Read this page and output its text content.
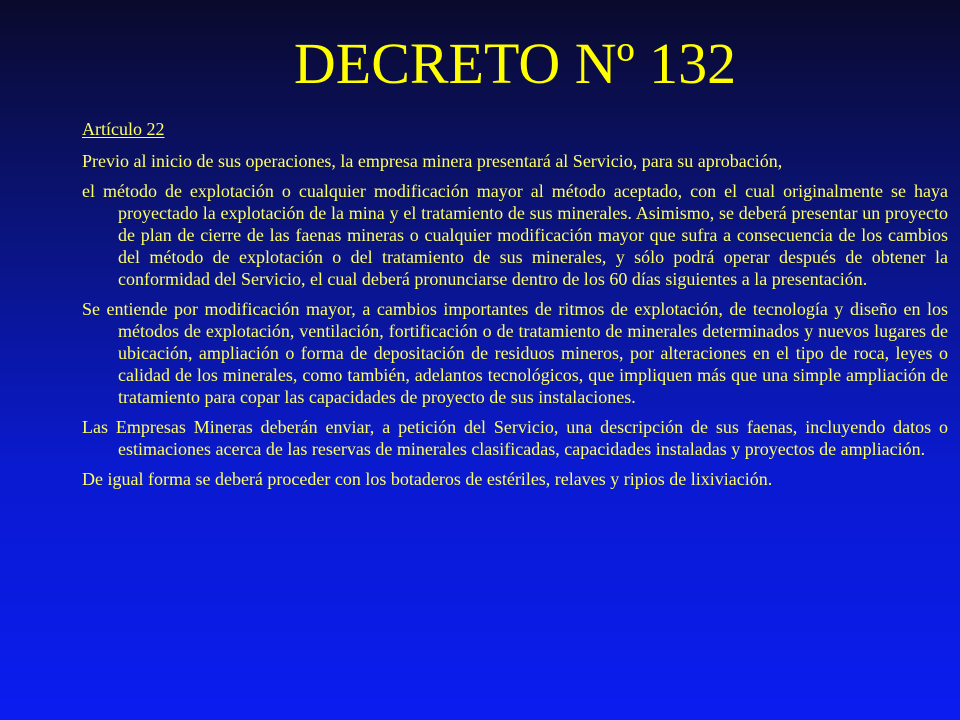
DECRETO Nº 132

Artículo 22

Previo al inicio de sus operaciones, la empresa minera presentará al Servicio, para su aprobación,

el método de explotación o cualquier modificación mayor al método aceptado, con el cual originalmente se haya proyectado la explotación de la mina y el tratamiento de sus minerales. Asimismo, se deberá presentar un proyecto de plan de cierre de las faenas mineras o cualquier modificación mayor que sufra a consecuencia de los cambios del método de explotación o del tratamiento de sus minerales, y sólo podrá operar después de obtener la conformidad del Servicio, el cual deberá pronunciarse dentro de los 60 días siguientes a la presentación.

Se entiende por modificación mayor, a cambios importantes de ritmos de explotación, de tecnología y diseño en los métodos de explotación, ventilación, fortificación o de tratamiento de minerales determinados y nuevos lugares de ubicación, ampliación o forma de depositación de residuos mineros, por alteraciones en el tipo de roca, leyes o calidad de los minerales, como también, adelantos tecnológicos, que impliquen más que una simple ampliación de tratamiento para copar las capacidades de proyecto de sus instalaciones.

Las Empresas Mineras deberán enviar, a petición del Servicio, una descripción de sus faenas, incluyendo datos o estimaciones acerca de las reservas de minerales clasificadas, capacidades instaladas y proyectos de ampliación.

De igual forma se deberá proceder con los botaderos de estériles, relaves y ripios de lixiviación.
